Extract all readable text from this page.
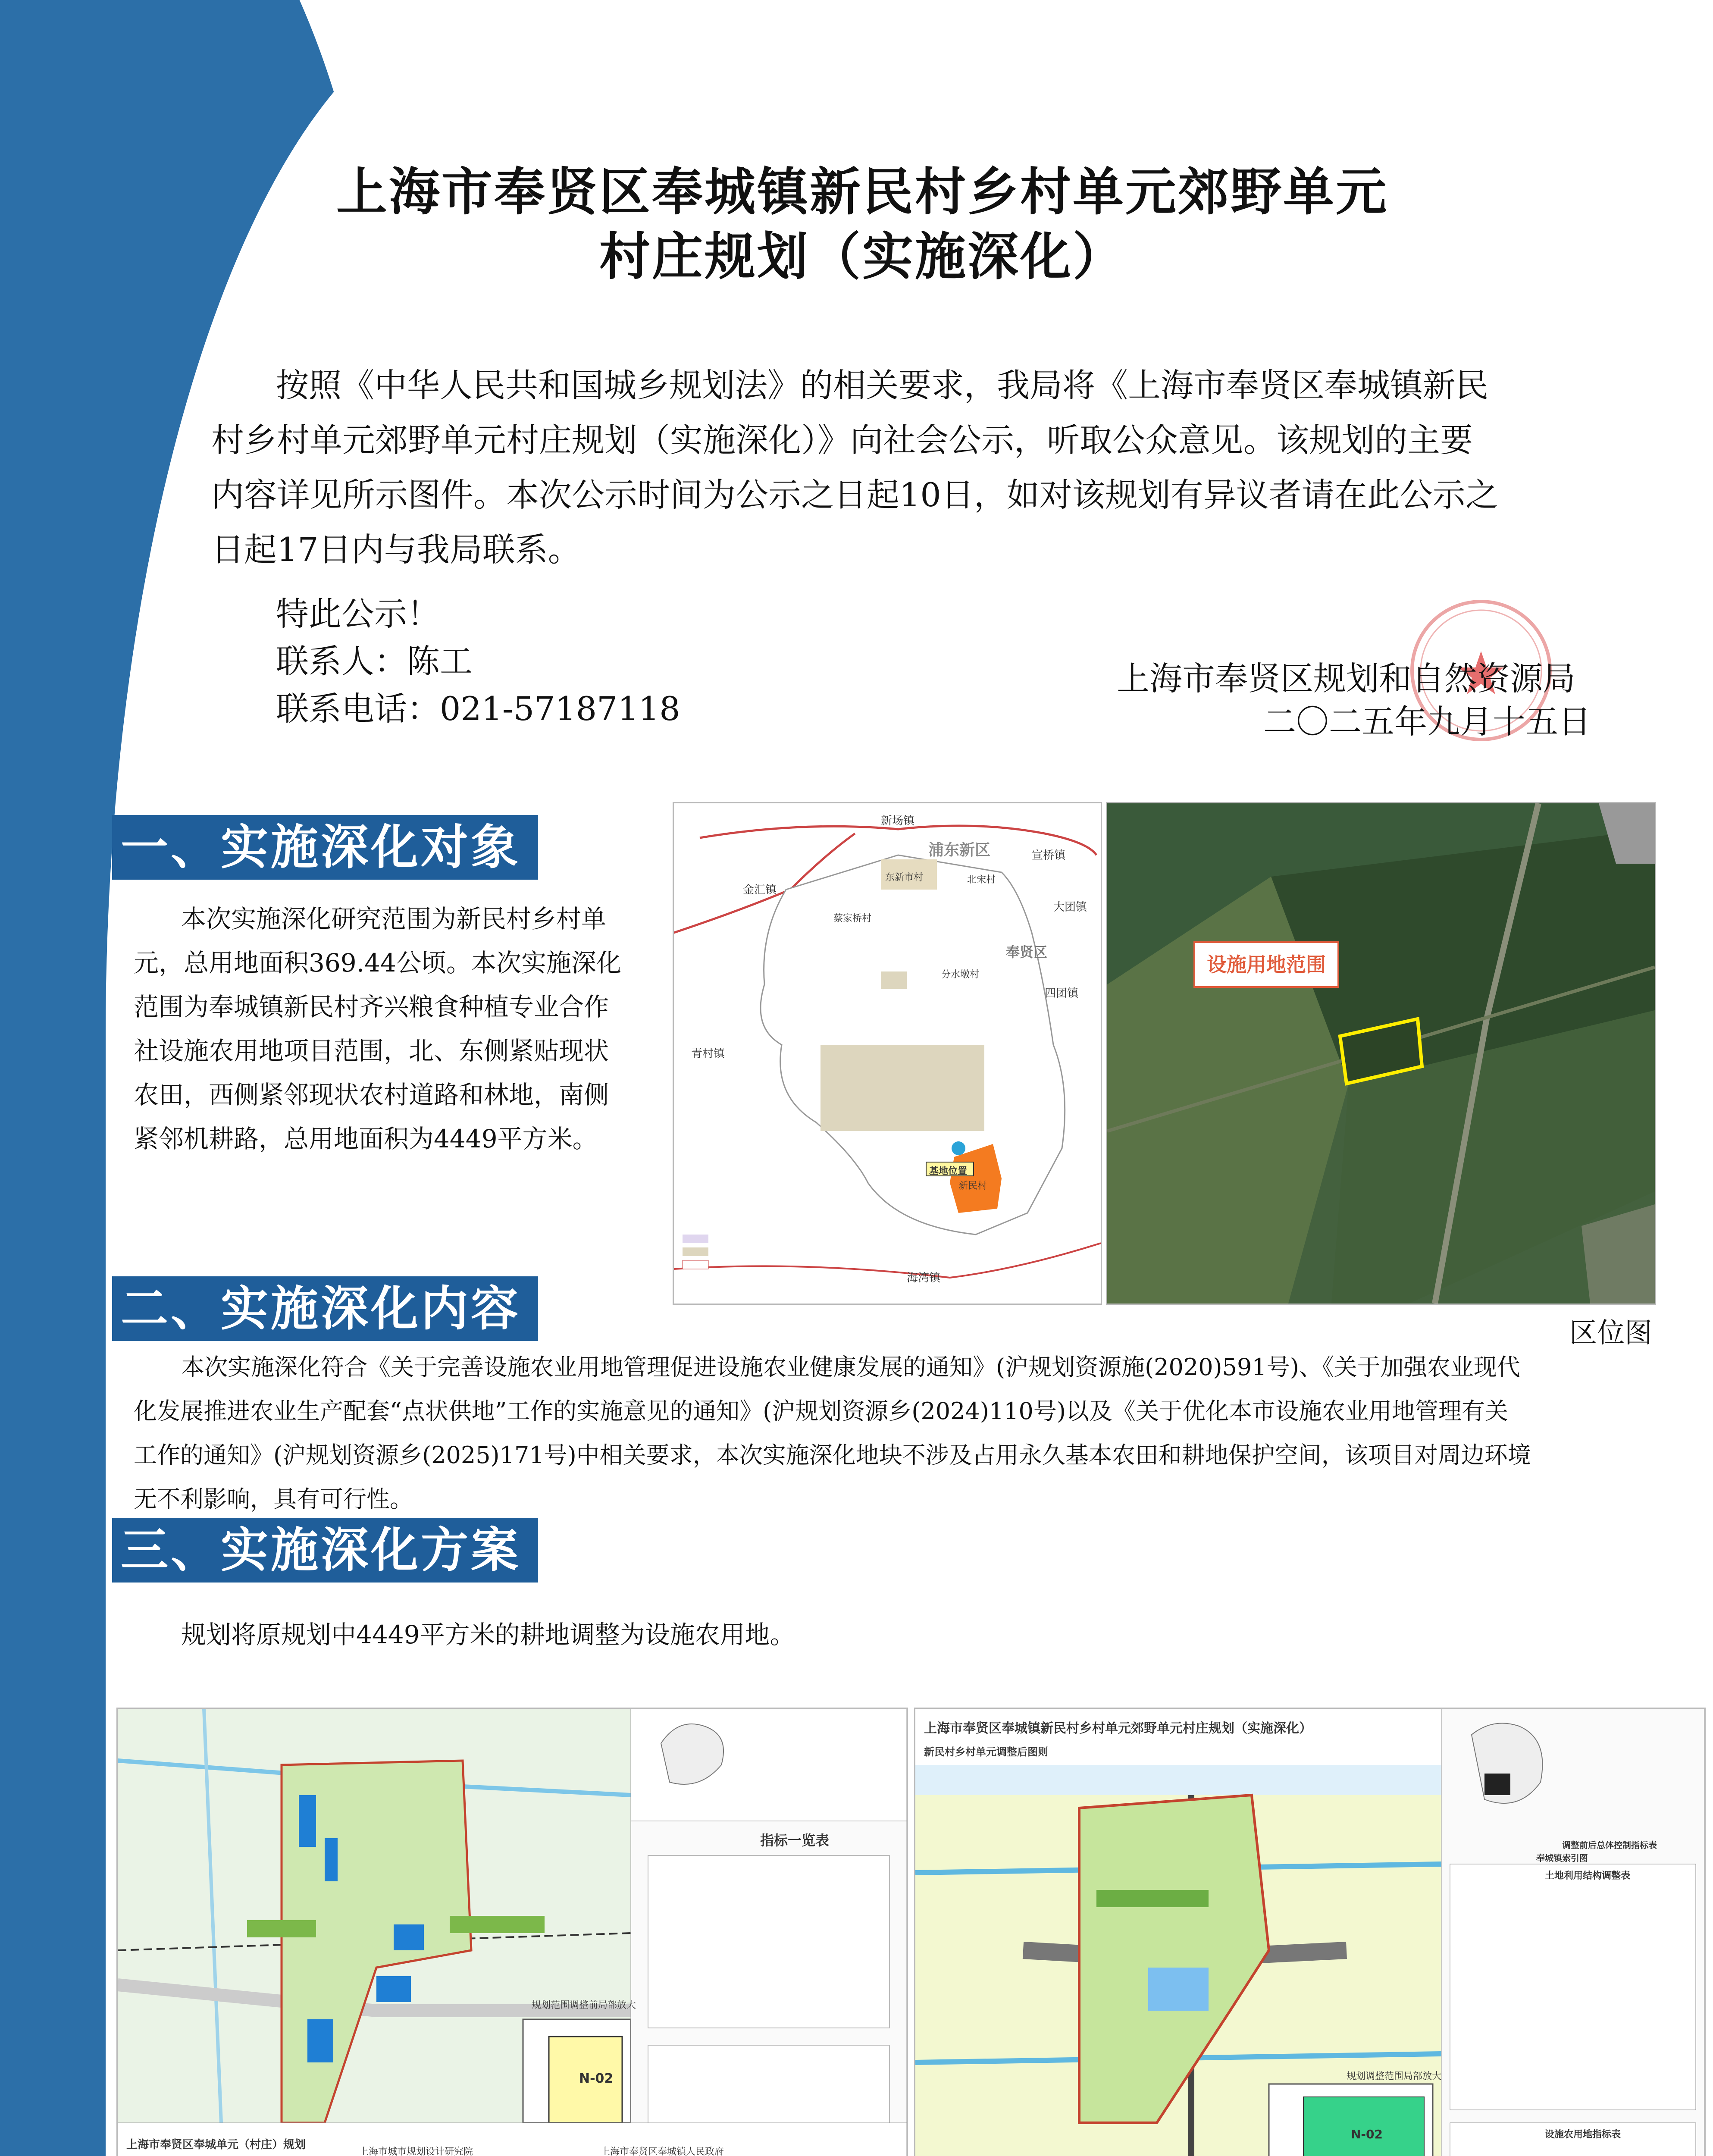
上海市奉贤区奉城镇新民村乡村单元郊野单元
村庄规划（实施深化）
按照《中华人民共和国城乡规划法》的相关要求，我局将《上海市奉贤区奉城镇新民
村乡村单元郊野单元村庄规划（实施深化）》向社会公示，听取公众意见。该规划的主要
内容详见所示图件。本次公示时间为公示之日起10日，如对该规划有异议者请在此公示之
日起17日内与我局联系。
特此公示！
联系人：陈工
联系电话：021-57187118
上海市奉贤区规划和自然资源局
二〇二五年九月十五日
一、实施深化对象
本次实施深化研究范围为新民村乡村单
元，总用地面积369.44公顷。本次实施深化
范围为奉城镇新民村齐兴粮食种植专业合作
社设施农用地项目范围，北、东侧紧贴现状
农田，西侧紧邻现状农村道路和林地，南侧
紧邻机耕路，总用地面积为4449平方米。
新场镇
浦东新区	宣桥镇
大团镇
金汇镇
东新市村	北宋村
蔡家桥村
分水墩村
四团镇
奉贤区
青村镇
海湾镇
新民村
基地位置
设施用地范围
区位图
二、实施深化内容
本次实施深化符合《关于完善设施农业用地管理促进设施农业健康发展的通知》(沪规划资源施(2020)591号)、《关于加强农业现代
化发展推进农业生产配套“点状供地”工作的实施意见的通知》(沪规划资源乡(2024)110号)以及《关于优化本市设施农业用地管理有关
工作的通知》(沪规划资源乡(2025)171号)中相关要求，本次实施深化地块不涉及占用永久基本农田和耕地保护空间，该项目对周边环境
无不利影响，具有可行性。
三、实施深化方案
规划将原规划中4449平方米的耕地调整为设施农用地。
指标一览表
N-02
规划范围调整前局部放大
上海市奉贤区奉城单元（村庄）规划
上海市城市规划设计研究院	上海市奉贤区奉城镇人民政府
上海市奉贤区奉城镇新民村乡村单元郊野单元村庄规划（实施深化）
新民村乡村单元调整后图则
调整前后总体控制指标表
奉城镇索引图
土地利用结构调整表
设施农用地指标表
N-02
规划调整范围局部放大
